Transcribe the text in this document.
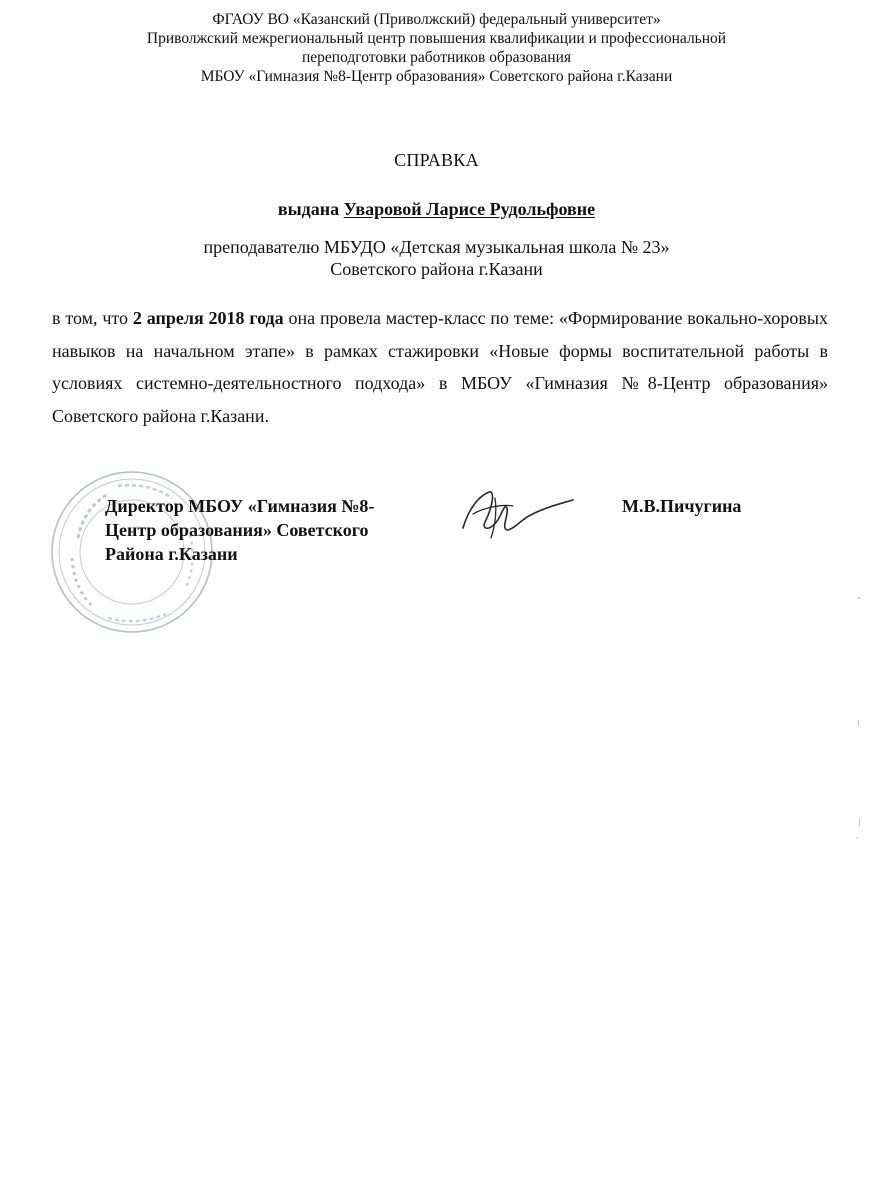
ФГАОУ ВО «Казанский (Приволжский) федеральный университет»
Приволжский межрегиональный центр повышения квалификации и профессиональной
переподготовки работников образования
МБОУ «Гимназия №8-Центр образования» Советского района г.Казани
СПРАВКА
выдана Уваровой Ларисе Рудольфовне
преподавателю МБУДО «Детская музыкальная школа № 23»
Советского района г.Казани
в том, что 2 апреля 2018 года она провела мастер-класс по теме: «Формирование вокально-хоровых навыков на начальном этапе» в рамках стажировки «Новые формы воспитательной работы в условиях системно-деятельностного подхода» в МБОУ «Гимназия №8-Центр образования» Советского района г.Казани.
Директор МБОУ «Гимназия №8-
Центр образования» Советского
Района г.Казани
М.В.Пичугина
